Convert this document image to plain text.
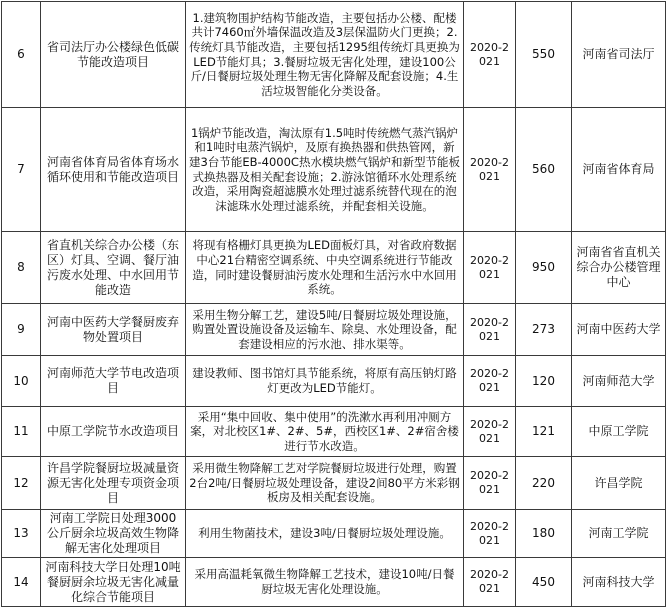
6	省司法厅办公楼绿色低碳节能改造项目	1.建筑物围护结构节能改造，主要包括办公楼、配楼共计7460㎡外墙保温改造及3层保温防火门更换；2.传统灯具节能改造，主要包括1295组传统灯具更换为LED节能灯具；3.餐厨垃圾无害化处理，建设100公斤/日餐厨垃圾处理生物无害化降解及配套设施；4.生活垃圾智能化分类设备。	2020-2021	550	河南省司法厅
7	河南省体育局省体育场水循环使用和节能改造项目	1锅炉节能改造，淘汰原有1.5吨时传统燃气蒸汽锅炉和1吨时电蒸汽锅炉，及原有换热器和供热管网，新建3台节能EB-4000C热水模块燃气锅炉和新型节能板式换热器及相关配套设施；2.游泳馆循环水处理系统改造，采用陶瓷超滤膜水处理过滤系统替代现在的泡沫滤珠水处理过滤系统，并配套相关设施。	2020-2021	560	河南省体育局
8	省直机关综合办公楼（东区）灯具、空调、餐厅油污废水处理、中水回用节能改造	将现有格栅灯具更换为LED面板灯具，对省政府数据中心21台精密空调系统、中央空调系统进行节能改造，同时建设餐厨油污废水处理和生活污水中水回用系统。	2020-2021	950	河南省省直机关综合办公楼管理中心
9	河南中医药大学餐厨废弃物处置项目	采用生物分解工艺，建设5吨/日餐厨垃圾处理设施，购置处置设施设备及运输车、除臭、水处理设备，配套建设相应的污水池、排水渠等。	2020-2021	273	河南中医药大学
10	河南师范大学节电改造项目	建设教师、图书馆灯具节能系统，将原有高压钠灯路灯更改为LED节能灯。	2020-2021	120	河南师范大学
11	中原工学院节水改造项目	采用“集中回收、集中使用”的洗漱水再利用冲厕方案，对北校区1#、2#、5#，西校区1#、2#宿舍楼进行节水改造。	2020-2021	121	中原工学院
12	许昌学院餐厨垃圾减量资源无害化处理专项资金项目	采用微生物降解工艺对学院餐厨垃圾进行处理，购置2台2吨/日餐厨垃圾处理设备，建设2间80平方米彩钢板房及相关配套设施。	2020-2021	220	许昌学院
13	河南工学院日处理3000公斤厨余垃圾高效生物降解无害化处理项目	利用生物菌技术，建设3吨/日餐厨垃圾处理设施。	2020-2021	180	河南工学院
14	河南科技大学日处理10吨餐厨厨余垃圾无害化减量化综合节能项目	采用高温耗氧微生物降解工艺技术，建设10吨/日餐厨垃圾无害化处理设施。	2020-2021	450	河南科技大学
